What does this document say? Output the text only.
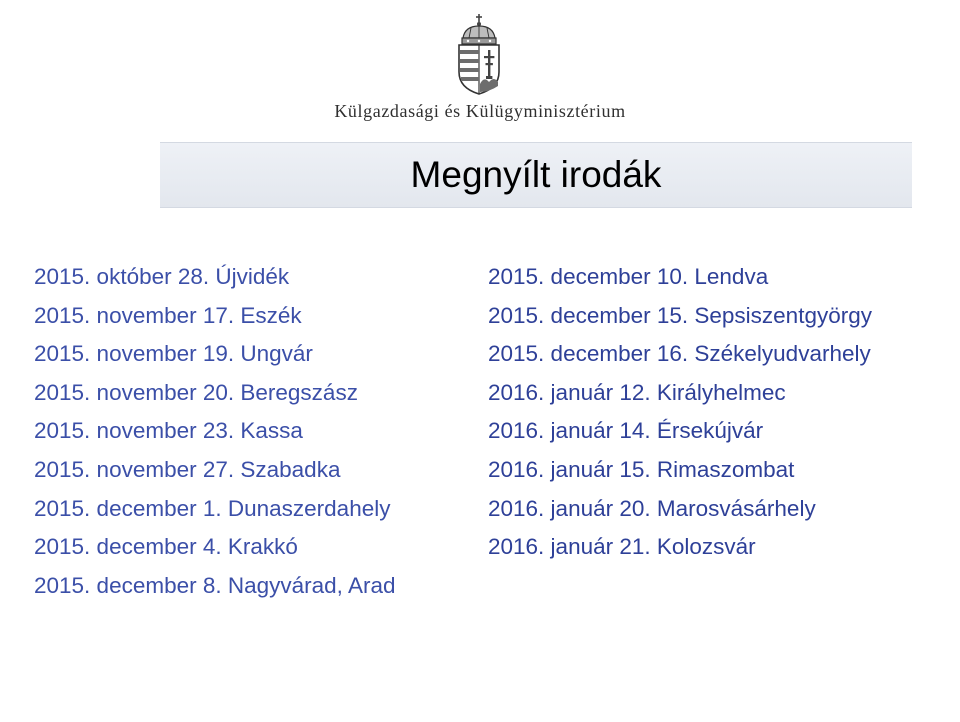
Külgazdasági és Külügyminisztérium
Megnyílt irodák
2015. október 28. Újvidék
2015. november 17. Eszék
2015. november 19. Ungvár
2015. november 20. Beregszász
2015. november 23. Kassa
2015. november 27. Szabadka
2015. december 1. Dunaszerdahely
2015. december 4. Krakkó
2015. december 8. Nagyvárad, Arad
2015. december 10. Lendva
2015. december 15. Sepsiszentgyörgy
2015. december 16. Székelyudvarhely
2016. január 12. Királyhelmec
2016. január 14. Érsekújvár
2016. január 15. Rimaszombat
2016. január 20. Marosvásárhely
2016. január 21. Kolozsvár
